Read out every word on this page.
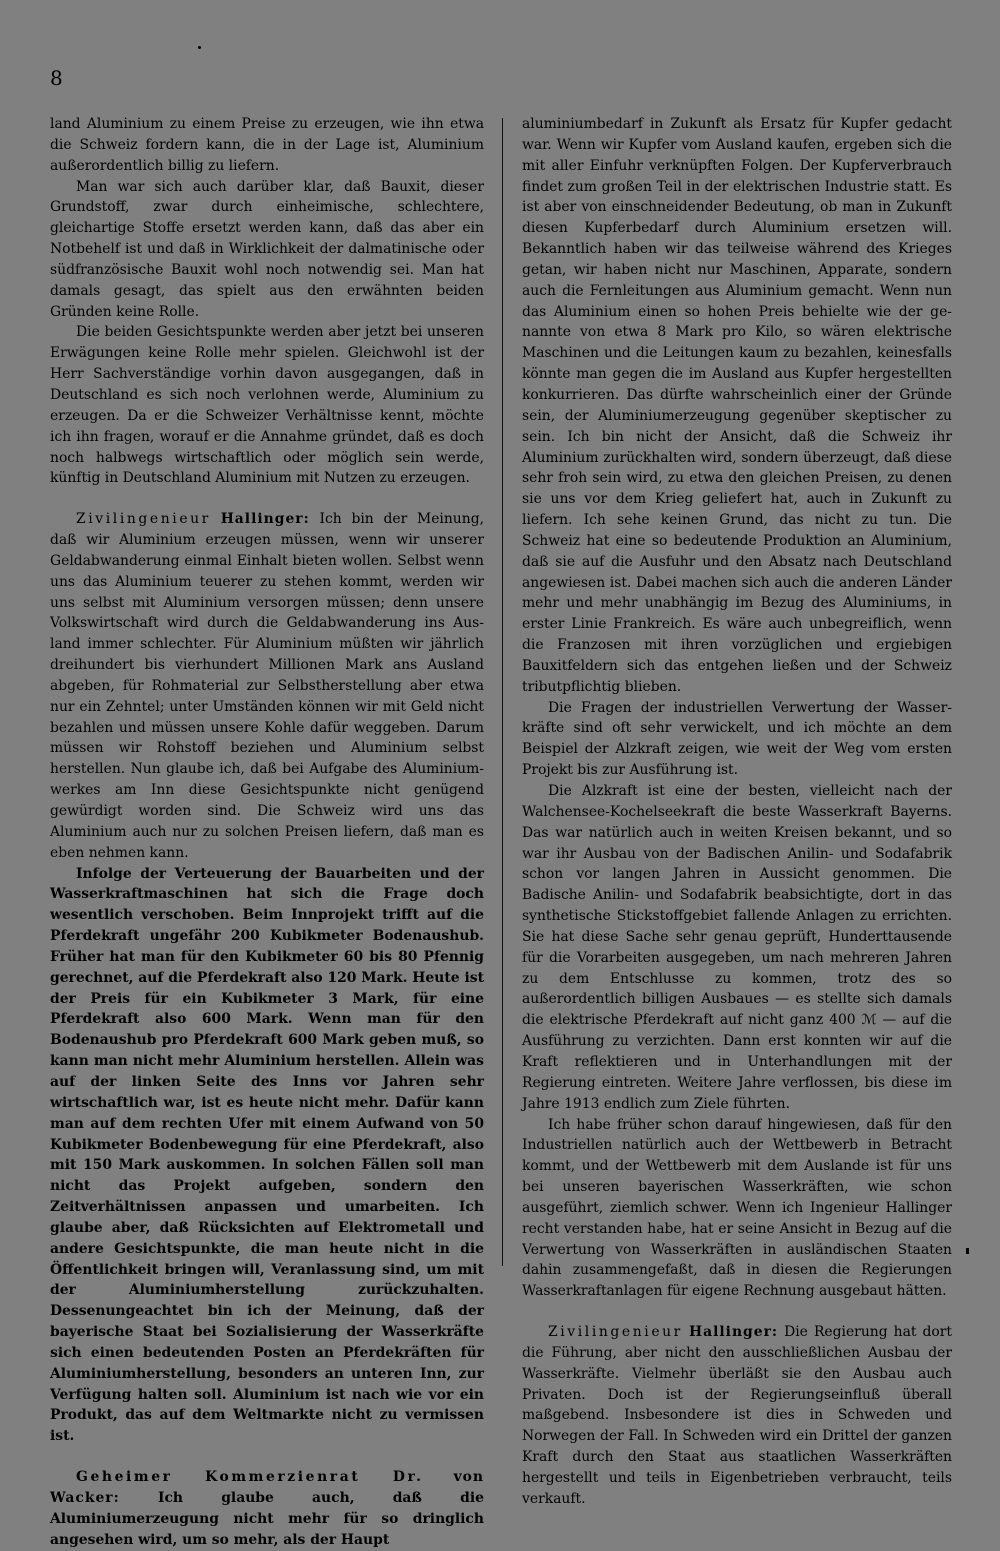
8

land Aluminium zu einem Preise zu erzeugen, wie ihn etwa die Schweiz fordern kann, die in der Lage ist, Aluminium außerordentlich billig zu liefern.

Man war sich auch darüber klar, daß Bauxit, dieser Grundstoff, zwar durch einheimische, schlechtere, gleichartige Stoffe ersetzt werden kann, daß das aber ein Notbehelf ist und daß in Wirklichkeit der dalmatinische oder südfranzösische Bauxit wohl noch notwendig sei. Man hat damals gesagt, das spielt aus den erwähnten beiden Gründen keine Rolle.

Die beiden Gesichtspunkte werden aber jetzt bei unseren Erwägungen keine Rolle mehr spielen. Gleichwohl ist der Herr Sachverständige vorhin davon ausgegangen, daß in Deutschland es sich noch verlohnen werde, Aluminium zu erzeugen. Da er die Schweizer Verhältnisse kennt, möchte ich ihn fragen, worauf er die Annahme gründet, daß es doch noch halbwegs wirtschaftlich oder möglich sein werde, künftig in Deutschland Aluminium mit Nutzen zu erzeugen.

Zivilingenieur Hallinger: Ich bin der Meinung, daß wir Aluminium erzeugen müssen, wenn wir unserer Geldabwanderung einmal Einhalt bieten wollen. Selbst wenn uns das Aluminium teuerer zu stehen kommt, werden wir uns selbst mit Aluminium versorgen müssen; denn unsere Volkswirtschaft wird durch die Geldabwanderung ins Ausland immer schlechter. Für Aluminium müßten wir jährlich dreihundert bis vierhundert Millionen Mark ans Ausland abgeben, für Rohmaterial zur Selbstherstellung aber etwa nur ein Zehntel; unter Umständen können wir mit Geld nicht bezahlen und müssen unsere Kohle dafür weggeben. Darum müssen wir Rohstoff beziehen und Aluminium selbst herstellen. Nun glaube ich, daß bei Aufgabe des Aluminiumwerkes am Inn diese Gesichtspunkte nicht genügend gewürdigt worden sind. Die Schweiz wird uns das Aluminium auch nur zu solchen Preisen liefern, daß man es eben nehmen kann.

Infolge der Verteuerung der Bauarbeiten und der Wasserkraftmaschinen hat sich die Frage doch wesentlich verschoben. Beim Innprojekt trifft auf die Pferdekraft ungefähr 200 Kubikmeter Bodenaushub. Früher hat man für den Kubikmeter 60 bis 80 Pfennig gerechnet, auf die Pferdekraft also 120 Mark. Heute ist der Preis für ein Kubikmeter 3 Mark, für eine Pferdekraft also 600 Mark. Wenn man für den Bodenaushub pro Pferdekraft 600 Mark geben muß, so kann man nicht mehr Aluminium herstellen. Allein was auf der linken Seite des Inns vor Jahren sehr wirtschaftlich war, ist es heute nicht mehr. Dafür kann man auf dem rechten Ufer mit einem Aufwand von 50 Kubikmeter Bodenbewegung für eine Pferdekraft, also mit 150 Mark auskommen. In solchen Fällen soll man nicht das Projekt aufgeben, sondern den Zeitverhältnissen anpassen und umarbeiten. Ich glaube aber, daß Rücksichten auf Elektrometall und andere Gesichtspunkte, die man heute nicht in die Öffentlichkeit bringen will, Veranlassung sind, um mit der Aluminiumherstellung zurückzuhalten. Dessenungeachtet bin ich der Meinung, daß der bayerische Staat bei Sozialisierung der Wasserkräfte sich einen bedeutenden Posten an Pferdekräften für Aluminiumherstellung, besonders an unteren Inn, zur Verfügung halten soll. Aluminium ist nach wie vor ein Produkt, das auf dem Weltmarkte nicht zu vermissen ist.

Geheimer Kommerzienrat Dr. von Wacker:	Ich glaube auch, daß die Aluminiumerzeugung nicht mehr für so dringlich angesehen wird, um so mehr, als der Haupt

aluminiumbedarf in Zukunft als Ersatz für Kupfer gedacht war. Wenn wir Kupfer vom Ausland kaufen, ergeben sich die mit aller Einfuhr verknüpften Folgen. Der Kupferverbrauch findet zum großen Teil in der elektrischen Industrie statt. Es ist aber von einschneidender Bedeutung, ob man in Zukunft diesen Kupferbedarf durch Aluminium ersetzen will. Bekanntlich haben wir das teilweise während des Krieges getan, wir haben nicht nur Maschinen, Apparate, sondern auch die Fernleitungen aus Aluminium gemacht. Wenn nun das Aluminium einen so hohen Preis behielte wie der genannte von etwa 8 Mark pro Kilo, so wären elektrische Maschinen und die Leitungen kaum zu bezahlen, keinesfalls könnte man gegen die im Ausland aus Kupfer hergestellten konkurrieren. Das dürfte wahrscheinlich einer der Gründe sein, der Aluminiumerzeugung gegenüber skeptischer zu sein. Ich bin nicht der Ansicht, daß die Schweiz ihr Aluminium zurückhalten wird, sondern überzeugt, daß diese sehr froh sein wird, zu etwa den gleichen Preisen, zu denen sie uns vor dem Krieg geliefert hat, auch in Zukunft zu liefern. Ich sehe keinen Grund, das nicht zu tun. Die Schweiz hat eine so bedeutende Produktion an Aluminium, daß sie auf die Ausfuhr und den Absatz nach Deutschland angewiesen ist. Dabei machen sich auch die anderen Länder mehr und mehr unabhängig im Bezug des Aluminiums, in erster Linie Frankreich. Es wäre auch unbegreiflich, wenn die Franzosen mit ihren vorzüglichen und ergiebigen Bauxitfeldern sich das entgehen ließen und der Schweiz tributpflichtig blieben.

Die Fragen der industriellen Verwertung der Wasserkräfte sind oft sehr verwickelt, und ich möchte an dem Beispiel der Alzkraft zeigen, wie weit der Weg vom ersten Projekt bis zur Ausführung ist.

Die Alzkraft ist eine der besten, vielleicht nach der Walchensee-Kochelseekraft die beste Wasserkraft Bayerns. Das war natürlich auch in weiten Kreisen bekannt, und so war ihr Ausbau von der Badischen Anilin- und Sodafabrik schon vor langen Jahren in Aussicht genommen. Die Badische Anilin- und Sodafabrik beabsichtigte, dort in das synthetische Stickstoffgebiet fallende Anlagen zu errichten. Sie hat diese Sache sehr genau geprüft, Hunderttausende für die Vorarbeiten ausgegeben, um nach mehreren Jahren zu dem Entschlusse zu kommen, trotz des so außerordentlich billigen Ausbaues — es stellte sich damals die elektrische Pferdekraft auf nicht ganz 400 ℳ — auf die Ausführung zu verzichten. Dann erst konnten wir auf die Kraft reflektieren und in Unterhandlungen mit der Regierung eintreten. Weitere Jahre verflossen, bis diese im Jahre 1913 endlich zum Ziele führten.

Ich habe früher schon darauf hingewiesen, daß für den Industriellen natürlich auch der Wettbewerb in Betracht kommt, und der Wettbewerb mit dem Auslande ist für uns bei unseren bayerischen Wasserkräften, wie schon ausgeführt, ziemlich schwer. Wenn ich Ingenieur Hallinger recht verstanden habe, hat er seine Ansicht in Bezug auf die Verwertung von Wasserkräften in ausländischen Staaten dahin zusammengefaßt, daß in diesen die Regierungen Wasserkraftanlagen für eigene Rechnung ausgebaut hätten.

Zivilingenieur Hallinger: Die Regierung hat dort die Führung, aber nicht den ausschließlichen Ausbau der Wasserkräfte. Vielmehr überläßt sie den Ausbau auch Privaten. Doch ist der Regierungseinfluß überall maßgebend. Insbesondere ist dies in Schweden und Norwegen der Fall. In Schweden wird ein Drittel der ganzen Kraft durch den Staat aus staatlichen Wasserkräften hergestellt und teils in Eigenbetrieben verbraucht, teils verkauft.
